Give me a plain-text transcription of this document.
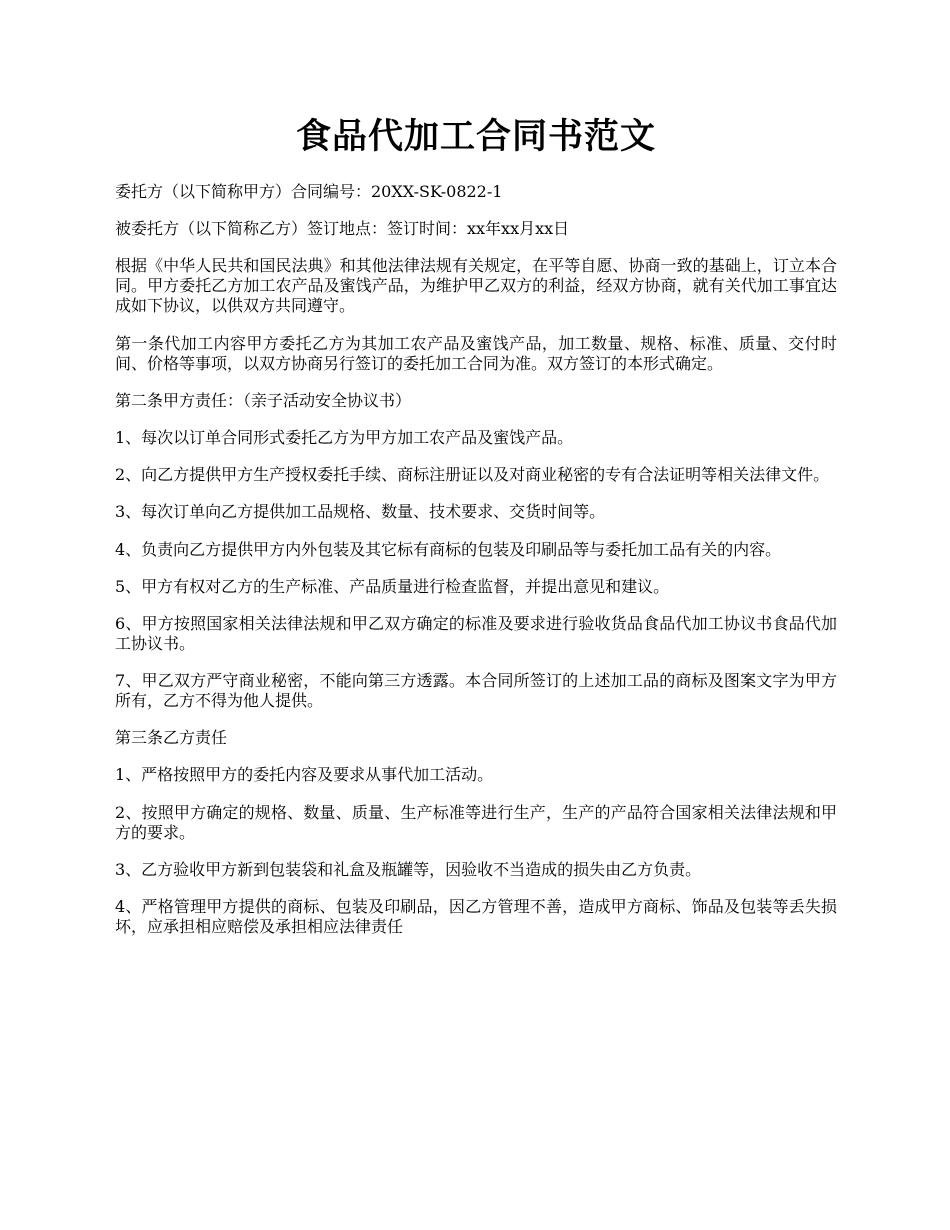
食品代加工合同书范文

委托方（以下简称甲方）合同编号：20XX-SK-0822-1

被委托方（以下简称乙方）签订地点：签订时间：xx年xx月xx日

根据《中华人民共和国民法典》和其他法律法规有关规定，在平等自愿、协商一致的基础上，订立本合同。甲方委托乙方加工农产品及蜜饯产品，为维护甲乙双方的利益，经双方协商，就有关代加工事宜达成如下协议，以供双方共同遵守。

第一条代加工内容甲方委托乙方为其加工农产品及蜜饯产品，加工数量、规格、标准、质量、交付时间、价格等事项，以双方协商另行签订的委托加工合同为准。双方签订的本形式确定。

第二条甲方责任：（亲子活动安全协议书）

1、每次以订单合同形式委托乙方为甲方加工农产品及蜜饯产品。

2、向乙方提供甲方生产授权委托手续、商标注册证以及对商业秘密的专有合法证明等相关法律文件。

3、每次订单向乙方提供加工品规格、数量、技术要求、交货时间等。

4、负责向乙方提供甲方内外包装及其它标有商标的包装及印刷品等与委托加工品有关的内容。

5、甲方有权对乙方的生产标准、产品质量进行检查监督，并提出意见和建议。

6、甲方按照国家相关法律法规和甲乙双方确定的标准及要求进行验收货品食品代加工协议书食品代加工协议书。

7、甲乙双方严守商业秘密，不能向第三方透露。本合同所签订的上述加工品的商标及图案文字为甲方所有，乙方不得为他人提供。

第三条乙方责任

1、严格按照甲方的委托内容及要求从事代加工活动。

2、按照甲方确定的规格、数量、质量、生产标准等进行生产，生产的产品符合国家相关法律法规和甲方的要求。

3、乙方验收甲方新到包装袋和礼盒及瓶罐等，因验收不当造成的损失由乙方负责。

4、严格管理甲方提供的商标、包装及印刷品，因乙方管理不善，造成甲方商标、饰品及包装等丢失损坏，应承担相应赔偿及承担相应法律责任
